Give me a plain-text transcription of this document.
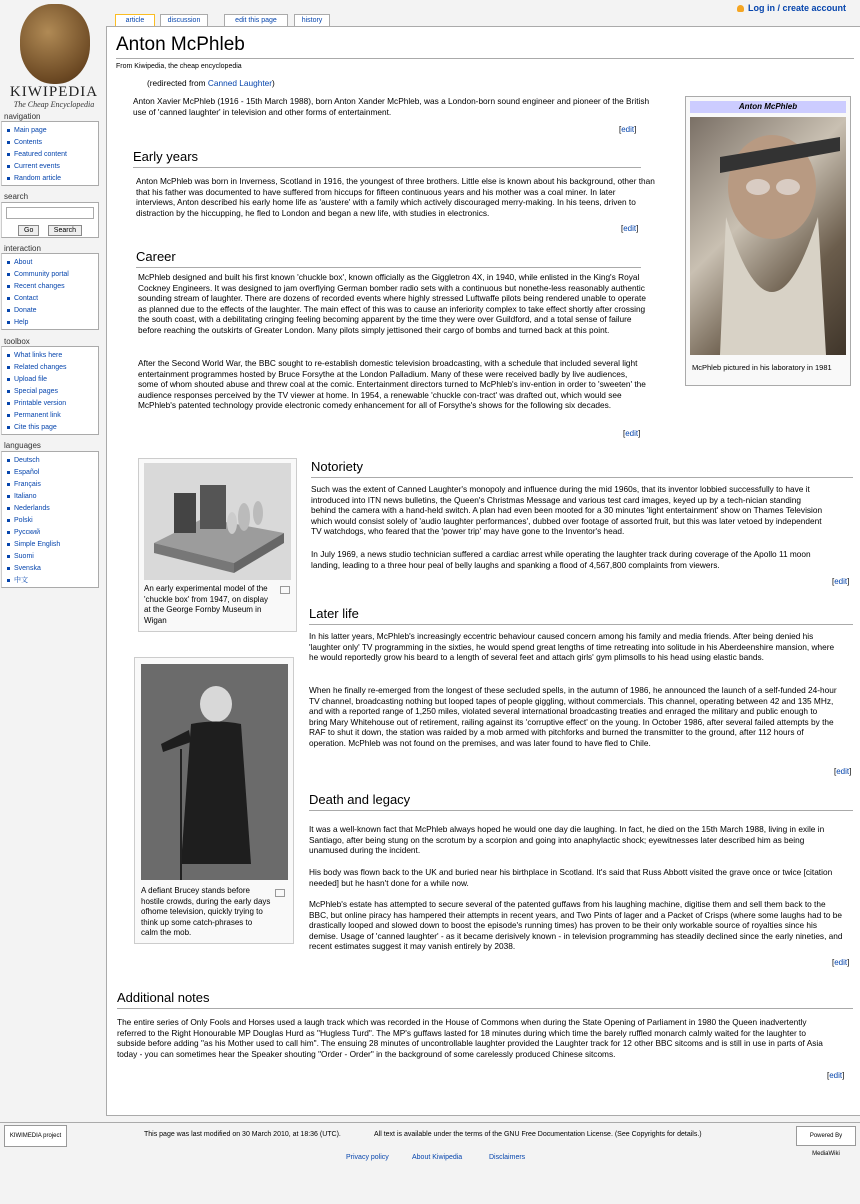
KIWIPEDIA
The Cheap Encyclopedia
navigation
Main page
Contents
Featured content
Current events
Random article
search
Go	Search
interaction
About
Community portal
Recent changes
Contact
Donate
Help
toolbox
What links here
Related changes
Upload file
Special pages
Printable version
Permanent link
Cite this page
languages
Deutsch
Español
Français
Italiano
Nederlands
Polski
Русский
Simple English
Suomi
Svenska
中文
article	discussion	edit this page	history
Log in / create account
Anton McPhleb
From Kiwipedia, the cheap encyclopedia
(redirected from Canned Laughter)
Anton Xavier McPhleb (1916 - 15th March 1988), born Anton Xander McPhleb, was a London-born sound engineer and pioneer of the British use of 'canned laughter' in television and other forms of entertainment.
[edit]
Anton McPhleb
McPhleb pictured in his laboratory in 1981
Early years
Anton McPhleb was born in Inverness, Scotland in 1916, the youngest of three brothers. Little else is known about his background, other than that his father was documented to have suffered from hiccups for fifteen continuous years and his mother was a coal miner. In later interviews, Anton described his early home life as 'austere' with a family which actively discouraged merry-making. In his teens, driven to distraction by the hiccupping, he fled to London and began a new life, with studies in electronics.
[edit]
Career
McPhleb designed and built his first known 'chuckle box', known officially as the Giggletron 4X, in 1940, while enlisted in the King's Royal Cockney Engineers. It was designed to jam overflying German bomber radio sets with a continuous but nonethe-less reasonably authentic sounding stream of laughter. There are dozens of recorded events where highly stressed Luftwaffe pilots being rendered unable to operate as planned due to the effects of the laughter. The main effect of this was to cause an inferiority complex to take effect shortly after crossing the south coast, with a debilitating cringing feeling becoming apparent by the time they were over Guildford, and a total sense of failure before reaching the outskirts of Greater London. Many pilots simply jettisoned their cargo of bombs and turned back at this point.
After the Second World War, the BBC sought to re-establish domestic television broadcasting, with a schedule that included several light entertainment programmes hosted by Bruce Forsythe at the London Palladium. Many of these were received badly by live audiences, some of whom shouted abuse and threw coal at the comic. Entertainment directors turned to McPhleb's inv-ention in order to 'sweeten' the audience responses perceived by the TV viewer at home. In 1954, a renewable 'chuckle con-tract' was drafted out, which would see McPhleb's patented technology provide electronic comedy enhancement for all of Forsythe's shows for the following six decades.
[edit]
An early experimental model of the 'chuckle box' from 1947, on display at the George Fornby Museum in Wigan
Notoriety
Such was the extent of Canned Laughter's monopoly and influence during the mid 1960s, that its inventor lobbied successfully to have it introduced into ITN news bulletins, the Queen's Christmas Message and various test card images, keyed up by a tech-nician standing behind the camera with a hand-held switch. A plan had even been mooted for a 30 minutes 'light entertainment' show on Thames Television which would consist solely of 'audio laughter performances', dubbed over footage of assorted fruit, but this was later vetoed by independent TV watchdogs, who feared that the 'power trip' may have gone to the Inventor's head.
In July 1969, a news studio technician suffered a cardiac arrest while operating the laughter track during coverage of the Apollo 11 moon landing, leading to a three hour peal of belly laughs and spanking a flood of 4,567,800 complaints from viewers.
[edit]
A defiant Brucey stands before hostile crowds, during the early days ofhome television, quickly trying to think up some catch-phrases to calm the mob.
Later life
In his latter years, McPhleb's increasingly eccentric behaviour caused concern among his family and media friends. After being denied his 'laughter only' TV programming in the sixties, he would spend great lengths of time retreating into solitude in his Aberdeenshire mansion, where he would reportedly grow his beard to a length of several feet and attach girls' gym plimsolls to his head using elastic bands.
When he finally re-emerged from the longest of these secluded spells, in the autumn of 1986, he announced the launch of a self-funded 24-hour TV channel, broadcasting nothing but looped tapes of people giggling, without commercials. This channel, operating between 42 and 135 MHz, and with a reported range of 1,250 miles, violated several international broadcasting treaties and enraged the military and public enough to bring Mary Whitehouse out of retirement, railing against its 'corruptive effect' on the young. In October 1986, after several failed attempts by the RAF to shut it down, the station was raided by a mob armed with pitchforks and burned the transmitter to the ground, after 112 hours of operation. McPhleb was not found on the premises, and was later found to have fled to Chile.
[edit]
Death and legacy
It was a well-known fact that McPhleb always hoped he would one day die laughing. In fact, he died on the 15th March 1988, living in exile in Santiago, after being stung on the scrotum by a scorpion and going into anaphylactic shock; eyewitnesses later described him as being unamused during the incident.
His body was flown back to the UK and buried near his birthplace in Scotland. It's said that Russ Abbott visited the grave once or twice [citation needed] but he hasn't done for a while now.
McPhleb's estate has attempted to secure several of the patented guffaws from his laughing machine, digitise them and sell them back to the BBC, but online piracy has hampered their attempts in recent years, and Two Pints of lager and a Packet of Crisps (where some laughs had to be drastically looped and slowed down to boost the episode's running times) has proven to be their only workable source of royalties since his demise. Usage of 'canned laughter' - as it became derisively known - in television programming has steadily declined since the early nineties, and recent estimates suggest it may vanish entirely by 2038.
[edit]
Additional notes
The entire series of Only Fools and Horses used a laugh track which was recorded in the House of Commons when during the State Opening of Parliament in 1980 the Queen inadvertently referred to the Right Honourable MP Douglas Hurd as "Hugless Turd". The MP's guffaws lasted for 18 minutes during which time the barely ruffled monarch calmly waited for the laughter to subside before adding "as his Mother used to call him". The ensuing 28 minutes of uncontrollable laughter provided the Laughter track for 12 other BBC sitcoms and is still in use in parts of Asia today - you can sometimes hear the Speaker shouting "Order - Order" in the background of some carelessly produced Chinese sitcoms.
[edit]
KIWIMEDIA project	This page was last modified on 30 March 2010, at 18:36 (UTC).	All text is available under the terms of the GNU Free Documentation License. (See Copyrights for details.)	Powered By MediaWiki
Privacy policy	About Kiwipedia	Disclaimers
